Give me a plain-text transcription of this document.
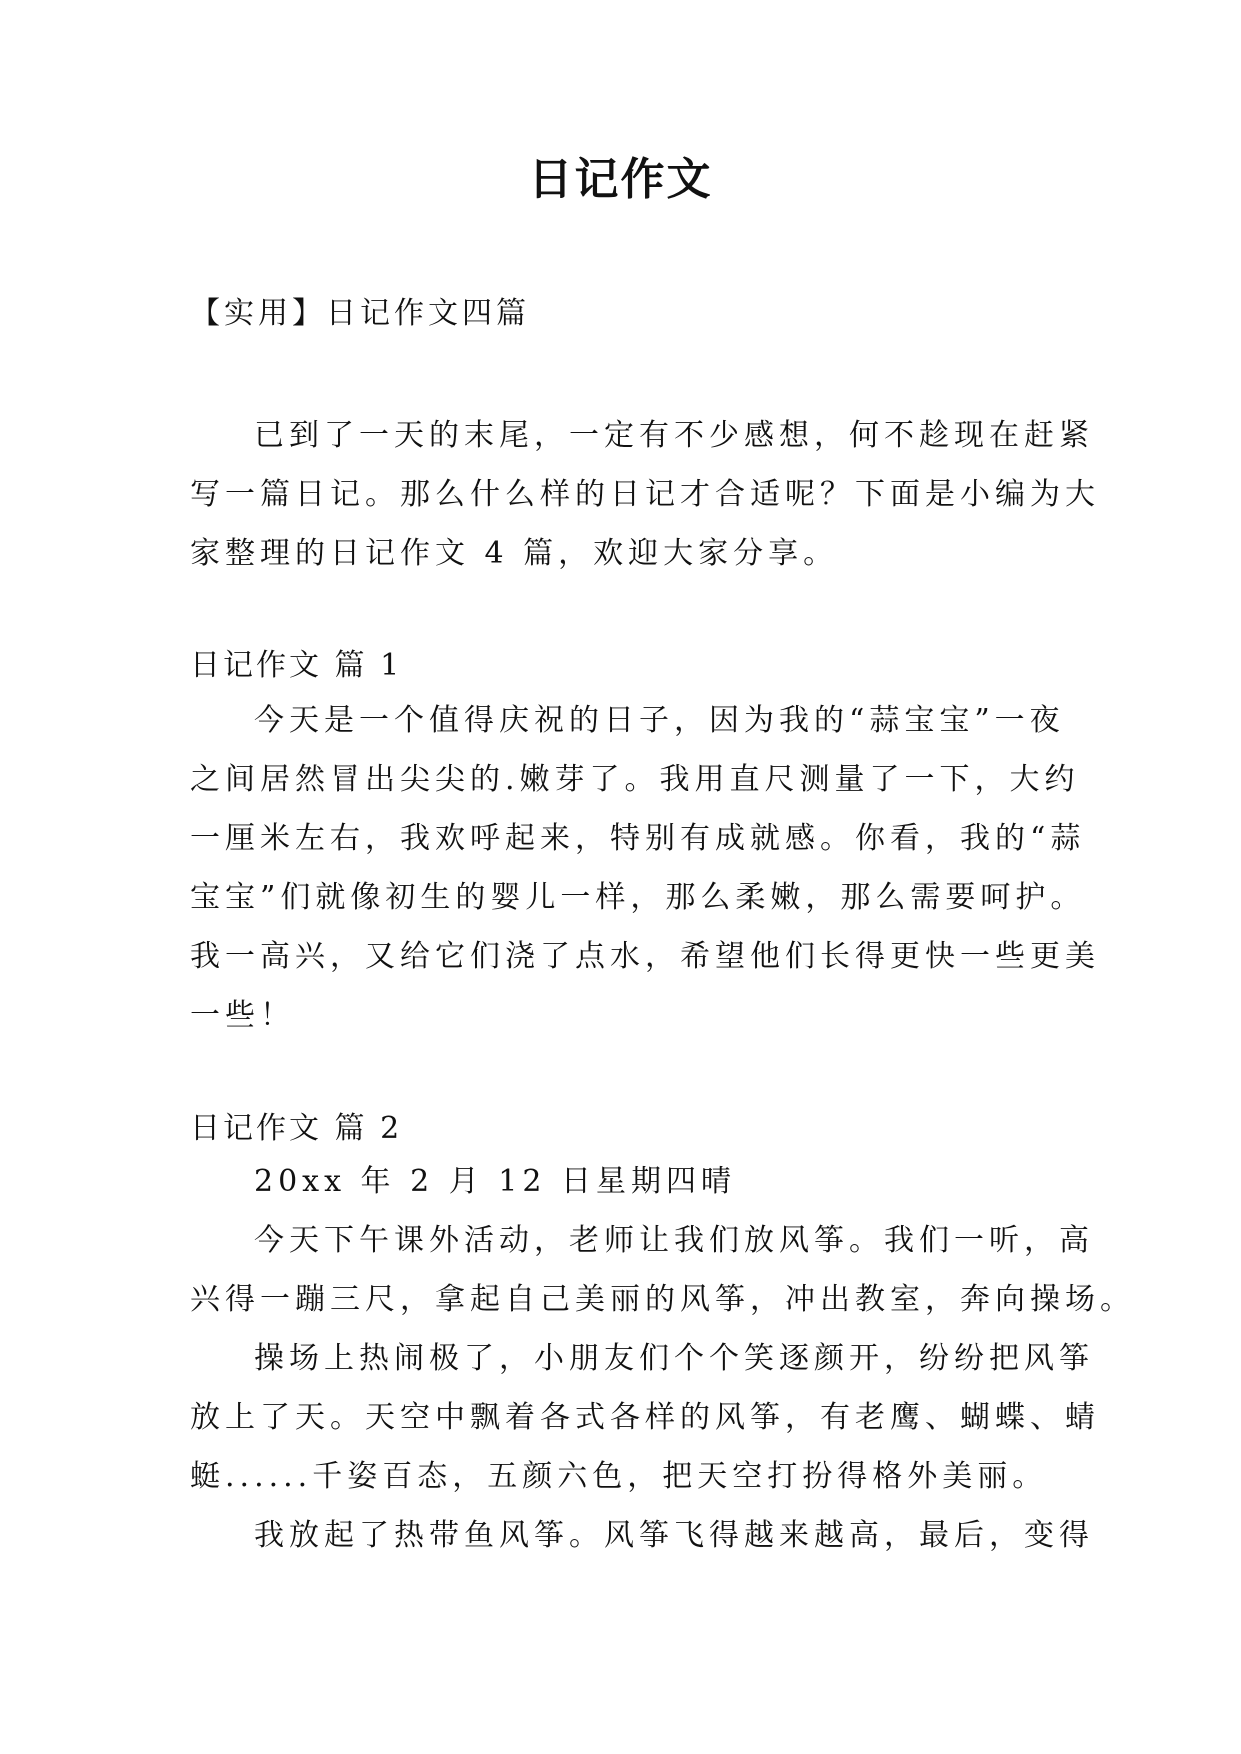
日记作文
【实用】日记作文四篇
已到了一天的末尾，一定有不少感想，何不趁现在赶紧
写一篇日记。那么什么样的日记才合适呢？下面是小编为大
家整理的日记作文 4 篇，欢迎大家分享。
日记作文 篇 1
今天是一个值得庆祝的日子，因为我的“蒜宝宝”一夜
之间居然冒出尖尖的.嫩芽了。我用直尺测量了一下，大约
一厘米左右，我欢呼起来，特别有成就感。你看，我的“蒜
宝宝”们就像初生的婴儿一样，那么柔嫩，那么需要呵护。
我一高兴，又给它们浇了点水，希望他们长得更快一些更美
一些！
日记作文 篇 2
20xx 年 2 月 12 日星期四晴
今天下午课外活动，老师让我们放风筝。我们一听，高
兴得一蹦三尺，拿起自己美丽的风筝，冲出教室，奔向操场。
操场上热闹极了，小朋友们个个笑逐颜开，纷纷把风筝
放上了天。天空中飘着各式各样的风筝，有老鹰、蝴蝶、蜻
蜓......千姿百态，五颜六色，把天空打扮得格外美丽。
我放起了热带鱼风筝。风筝飞得越来越高，最后，变得
